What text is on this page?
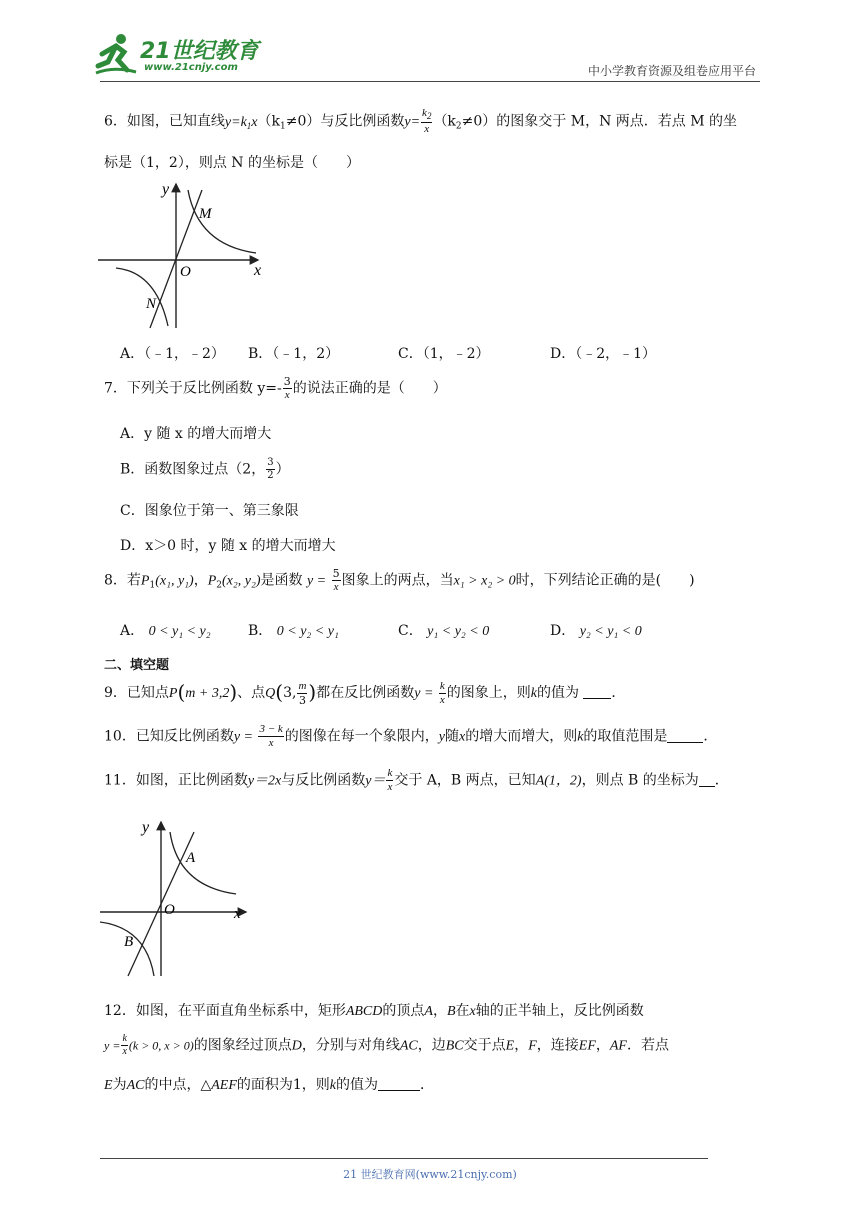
21世纪教育
www.21cnjy.com	中小学教育资源及组卷应用平台
6．如图，已知直线$y=k_1x(k_1\ne 0)$与反比例函数$y= \frac{k_2}{x} (k_2\ne 0)$的图象交于 M，N 两点．若点 M 的坐
标是（1，2），则点 N 的坐标是（　　）
y
x
O
M
N
A．（﹣1，﹣2） B．（﹣1，2）	C．（1，﹣2）	D．（﹣2，﹣1）
7．下列关于反比例函数 $y=- \frac{3}{x}$ 的说法正确的是（　　）
A．y 随 x 的增大而增大
B．函数图象过点（2， $\frac{3}{2}$ ）
C．图象位于第一、第三象限
D．x＞0 时，y 随 x 的增大而增大
8．若$P_1(x_1$, y₁)，$P_2(x_2$, y₂)是函数 $y = \frac{5}{x}$ 图象上的两点，当x₁ > x₂ > 0时，下列结论正确的是(　　)
A． 0 < y₁ < y₂	B． 0 < y₂ < y₁	C． y₁ < y₂ < 0	D． y₂ < y₁ < 0
二、填空题
9．已知点P(m + 3,2)、点Q(3, $\frac{m}{3}$ )都在反比例函数$y = \frac{k}{x}$ 的图象上，则k的值为 ．
10．已知反比例函数$y = \frac{3 - k}{x}$ 的图像在每一个象限内，y随x的增大而增大，则k的取值范围是	．
11．如图，正比例函数y＝2x与反比例函数$y= \frac{k}{x}$ 交于 A，B 两点，已知A(1，2)，则点 B 的坐标为 ．
y
x
O
A
B
12．如图，在平面直角坐标系中，矩形ABCD的顶点A，B在x轴的正半轴上，反比例函数
$y = \frac{k}{x} (k > 0$, x > 0)的图象经过顶点D，分别与对角线AC，边BC交于点E，F，连接EF，AF．若点
E为AC的中点，△AEF的面积为1，则k的值为	．
21 世纪教育网(www.21cnjy.com)
